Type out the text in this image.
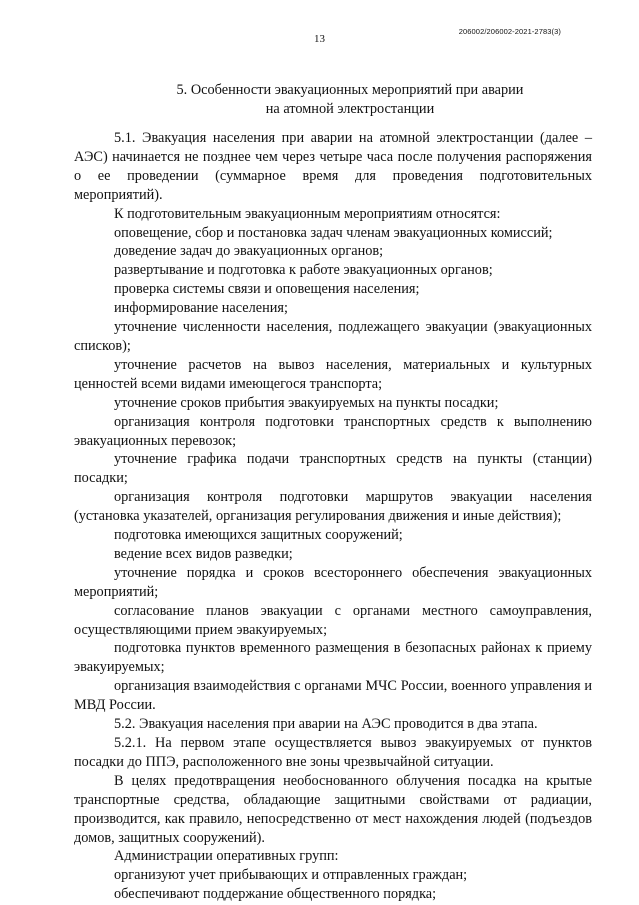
206002/206002-2021-2783(3)
13
5. Особенности эвакуационных мероприятий при аварии
на атомной электростанции

5.1. Эвакуация населения при аварии на атомной электростанции (далее – АЭС) начинается не позднее чем через четыре часа после получения распоряжения о ее проведении (суммарное время для проведения подготовительных мероприятий).

К подготовительным эвакуационным мероприятиям относятся:

оповещение, сбор и постановка задач членам эвакуационных комиссий;

доведение задач до эвакуационных органов;

развертывание и подготовка к работе эвакуационных органов;

проверка системы связи и оповещения населения;

информирование населения;

уточнение численности населения, подлежащего эвакуации (эвакуационных списков);

уточнение расчетов на вывоз населения, материальных и культурных ценностей всеми видами имеющегося транспорта;

уточнение сроков прибытия эвакуируемых на пункты посадки;

организация контроля подготовки транспортных средств к выполнению эвакуационных перевозок;

уточнение графика подачи транспортных средств на пункты (станции) посадки;

организация контроля подготовки маршрутов эвакуации населения (установка указателей, организация регулирования движения и иные действия);

подготовка имеющихся защитных сооружений;

ведение всех видов разведки;

уточнение порядка и сроков всестороннего обеспечения эвакуационных мероприятий;

согласование планов эвакуации с органами местного самоуправления, осуществляющими прием эвакуируемых;

подготовка пунктов временного размещения в безопасных районах к приему эвакуируемых;

организация взаимодействия с органами МЧС России, военного управления и МВД России.

5.2. Эвакуация населения при аварии на АЭС проводится в два этапа.

5.2.1. На первом этапе осуществляется вывоз эвакуируемых от пунктов посадки до ППЭ, расположенного вне зоны чрезвычайной ситуации.

В целях предотвращения необоснованного облучения посадка на крытые транспортные средства, обладающие защитными свойствами от радиации, производится, как правило, непосредственно от мест нахождения людей (подъездов домов, защитных сооружений).

Администрации оперативных групп:

организуют учет прибывающих и отправленных граждан;

обеспечивают поддержание общественного порядка;
